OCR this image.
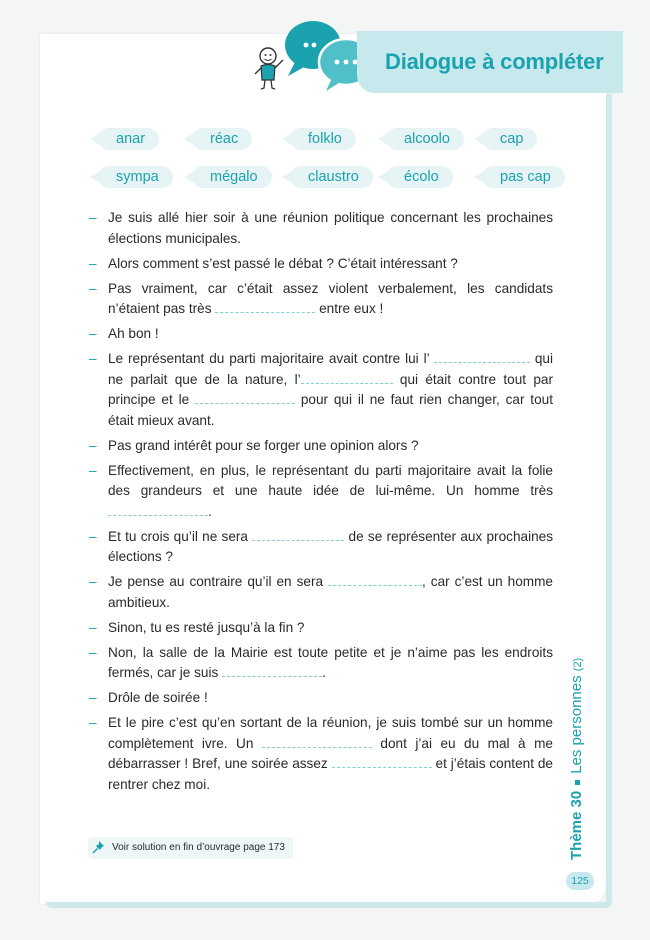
Dialogue à compléter
anar	réac	folklo	alcoolo	cap
sympa	mégalo	claustro	écolo	pas cap
– Je suis allé hier soir à une réunion politique concernant les prochaines élections municipales.
– Alors comment s’est passé le débat ? C’était intéressant ?
– Pas vraiment, car c’était assez violent verbalement, les candidats n’étaient pas très	entre eux !
– Ah bon !
– Le représentant du parti majoritaire avait contre lui l’	qui ne parlait que de la nature, l’	qui était contre tout par principe et le	pour qui il ne faut rien changer, car tout était mieux avant.
– Pas grand intérêt pour se forger une opinion alors ?
– Effectivement, en plus, le représentant du parti majoritaire avait la folie des grandeurs et une haute idée de lui-même. Un homme très .
– Et tu crois qu’il ne sera	de se représenter aux prochaines élections ?
– Je pense au contraire qu’il en sera	, car c’est un homme ambitieux.
– Sinon, tu es resté jusqu’à la fin ?
– Non, la salle de la Mairie est toute petite et je n’aime pas les endroits fermés, car je suis	.
– Drôle de soirée !
– Et le pire c’est qu’en sortant de la réunion, je suis tombé sur un homme complètement ivre. Un	dont j’ai eu du mal à me débarrasser ! Bref, une soirée assez	et j’étais content de rentrer chez moi.
Voir solution en fin d’ouvrage page 173	Thème 30Les personnes (2)
125
